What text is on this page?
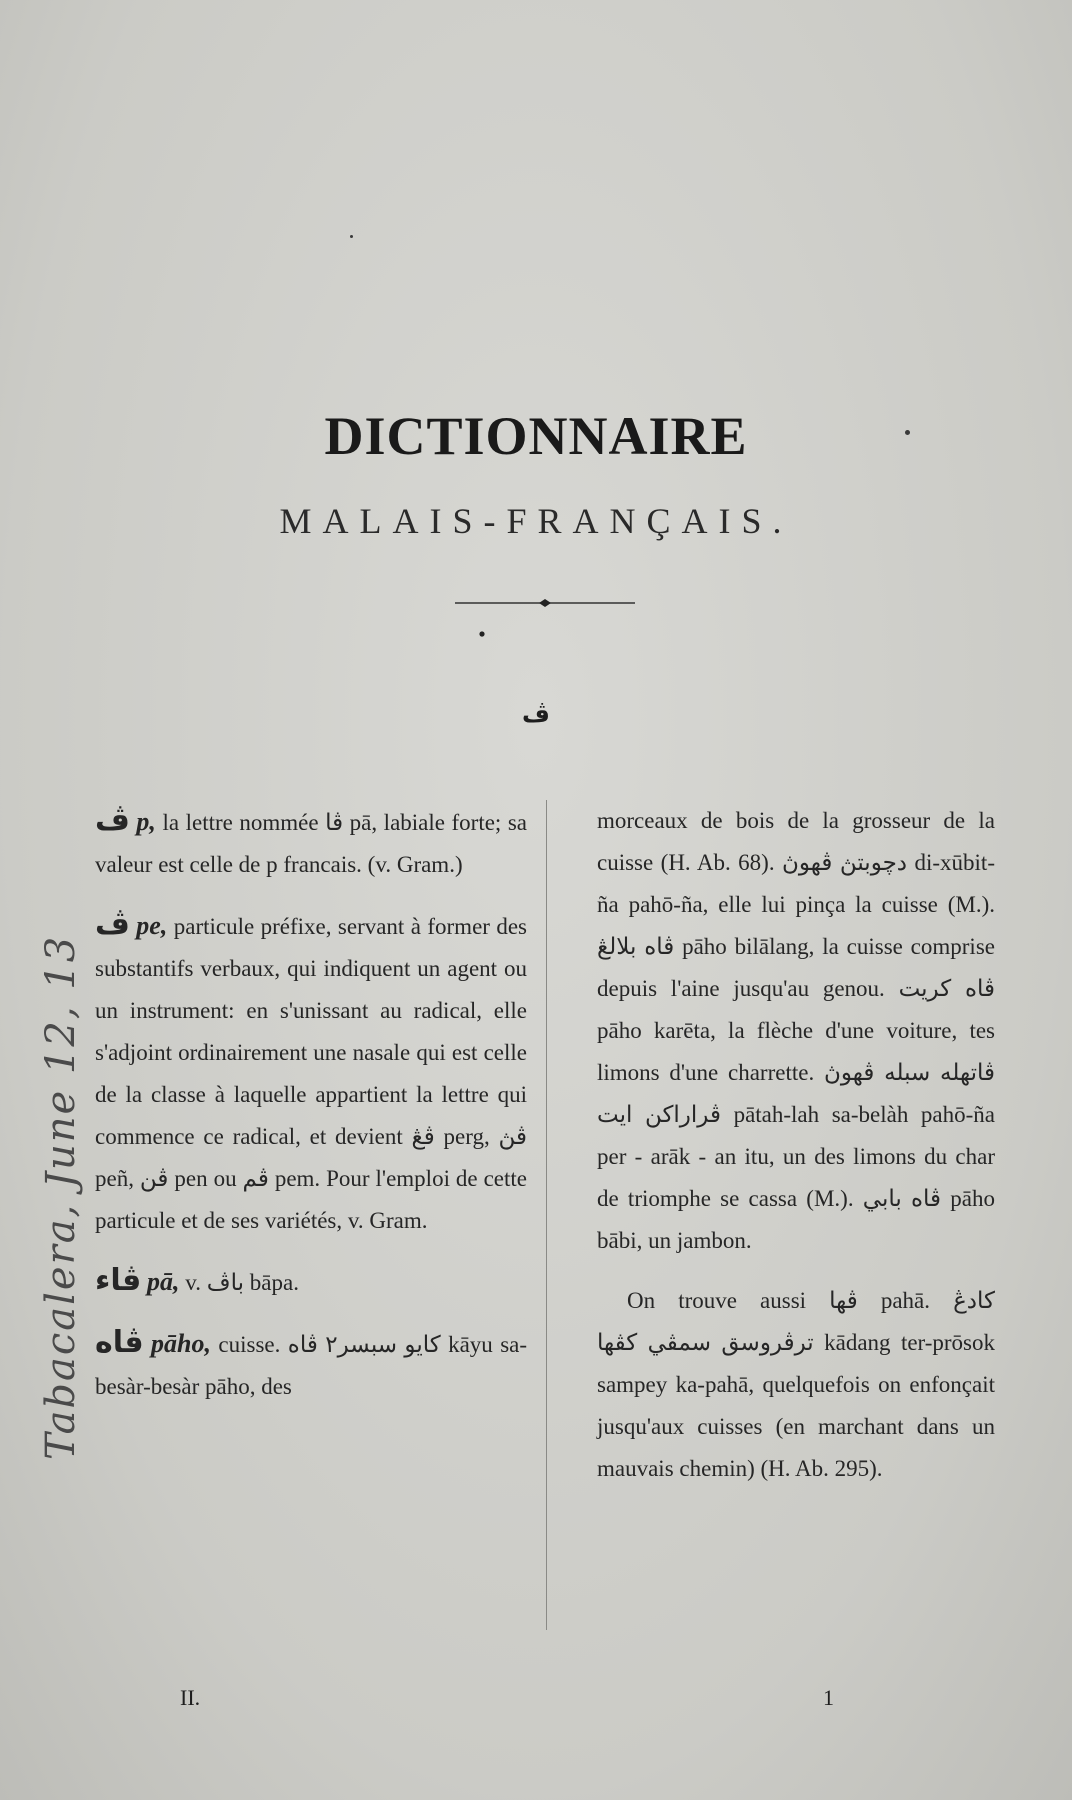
DICTIONNAIRE
MALAIS-FRANÇAIS.
ڤ

ڤ p, la lettre nommée ڤا pā, labiale forte; sa valeur est celle de p francais. (v. Gram.)

ڤ pe, particule préfixe, servant à former des substantifs verbaux, qui indiquent un agent ou un instrument: en s'unissant au radical, elle s'adjoint ordinairement une nasale qui est celle de la classe à laquelle appartient la lettre qui commence ce radical, et devient ڤڠ perg, ڤڽ peñ, ڤن pen ou ڤم pem. Pour l'emploi de cette particule et de ses variétés, v. Gram.

ڤاء pā, v. باڤ bāpa.

ڤاه pāho, cuisse. كايو سبسر٢ ڤاه kāyu sa-besàr-besàr pāho, des

morceaux de bois de la grosseur de la cuisse (H. Ab. 68). دچوبتڽ ڤهوڽ di-xūbit-ña pahō-ña, elle lui pinça la cuisse (M.). ڤاه بلالڠ pāho bilālang, la cuisse comprise depuis l'aine jusqu'au genou. ڤاه كريت pāho karēta, la flèche d'une voiture, tes limons d'une charrette. ڤاتهله سبله ڤهوڽ ڤراراكن ايت pātah-lah sa-belàh pahō-ña per - arāk - an itu, un des limons du char de triomphe se cassa (M.). ڤاه بابي pāho bābi, un jambon.

On trouve aussi ڤها pahā. كادڠ ترڤروسق سمڤي كڤها kādang ter-prōsok sampey ka-pahā, quelquefois on enfonçait jusqu'aux cuisses (en marchant dans un mauvais chemin) (H. Ab. 295).

II.	1
Tabacalera, June 12, 13
